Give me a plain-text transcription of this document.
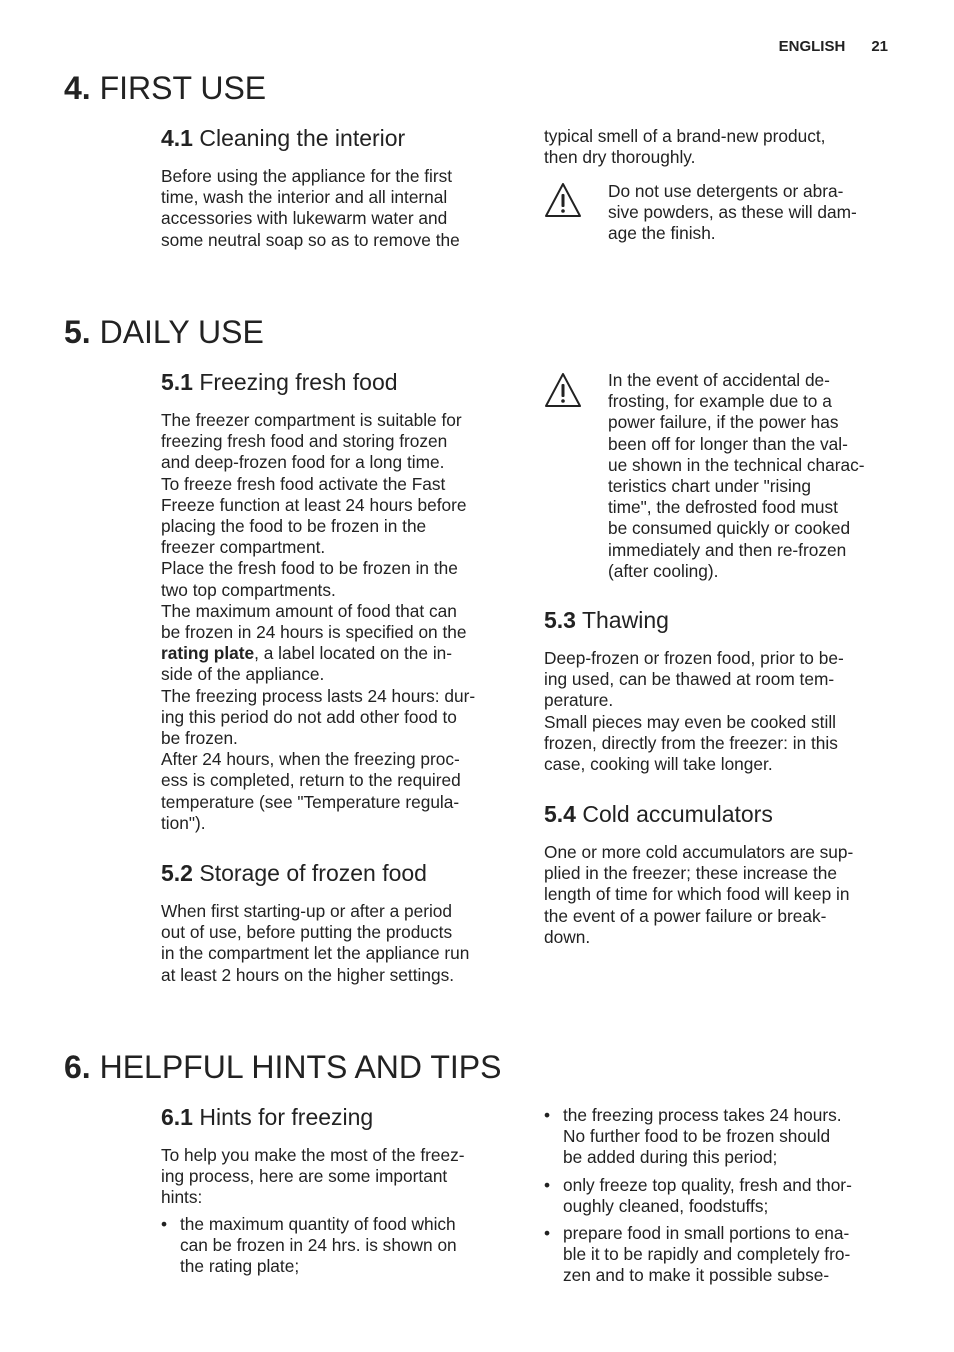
ENGLISH 21
4. FIRST USE
4.1 Cleaning the interior

Before using the appliance for the first
time, wash the interior and all internal
accessories with lukewarm water and
some neutral soap so as to remove the

typical smell of a brand-new product,
then dry thoroughly.

Do not use detergents or abra-
sive powders, as these will dam-
age the finish.

5. DAILY USE
5.1 Freezing fresh food

The freezer compartment is suitable for
freezing fresh food and storing frozen
and deep-frozen food for a long time.
To freeze fresh food activate the Fast
Freeze function at least 24 hours before
placing the food to be frozen in the
freezer compartment.
Place the fresh food to be frozen in the
two top compartments.
The maximum amount of food that can
be frozen in 24 hours is specified on the

rating plate, a label located on the in-

side of the appliance.
The freezing process lasts 24 hours: dur-
ing this period do not add other food to
be frozen.
After 24 hours, when the freezing proc-
ess is completed, return to the required
temperature (see "Temperature regula-
tion").

5.2 Storage of frozen food

When first starting-up or after a period
out of use, before putting the products
in the compartment let the appliance run
at least 2 hours on the higher settings.

In the event of accidental de-
frosting, for example due to a
power failure, if the power has
been off for longer than the val-
ue shown in the technical charac-
teristics chart under "rising
time", the defrosted food must
be consumed quickly or cooked
immediately and then re-frozen
(after cooling).

5.3 Thawing

Deep-frozen or frozen food, prior to be-
ing used, can be thawed at room tem-
perature.
Small pieces may even be cooked still
frozen, directly from the freezer: in this
case, cooking will take longer.

5.4 Cold accumulators

One or more cold accumulators are sup-
plied in the freezer; these increase the
length of time for which food will keep in
the event of a power failure or break-
down.

6. HELPFUL HINTS AND TIPS
6.1 Hints for freezing

To help you make the most of the freez-
ing process, here are some important
hints:

• the maximum quantity of food which
can be frozen in 24 hrs. is shown on
the rating plate;
• the freezing process takes 24 hours.
No further food to be frozen should
be added during this period;
• only freeze top quality, fresh and thor-
oughly cleaned, foodstuffs;
• prepare food in small portions to ena-
ble it to be rapidly and completely fro-
zen and to make it possible subse-
